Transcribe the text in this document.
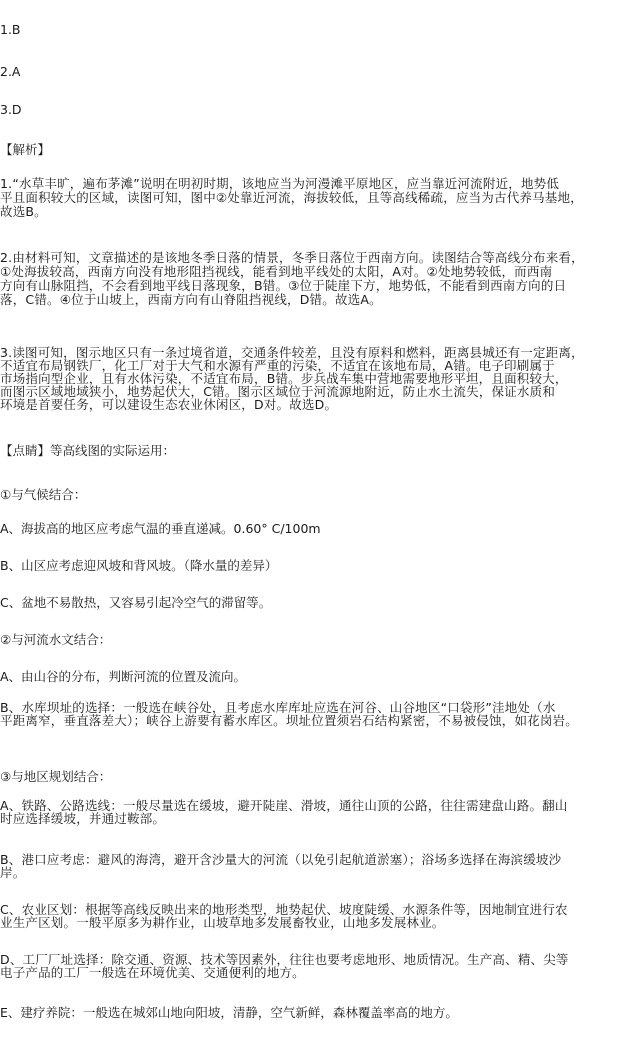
1.B
2.A
3.D
【解析】
1.“水草丰旷，遍布茅滩”说明在明初时期，该地应当为河漫滩平原地区，应当靠近河流附近，地势低
平且面积较大的区域，读图可知，图中②处靠近河流，海拔较低，且等高线稀疏，应当为古代养马基地，
故选B。
2.由材料可知，文章描述的是该地冬季日落的情景，冬季日落位于西南方向。读图结合等高线分布来看，
①处海拔较高，西南方向没有地形阻挡视线，能看到地平线处的太阳，A对。②处地势较低，而西南
方向有山脉阻挡，不会看到地平线日落现象，B错。③位于陡崖下方，地势低，不能看到西南方向的日
落，C错。④位于山坡上，西南方向有山脊阻挡视线，D错。故选A。
3.读图可知，图示地区只有一条过境省道，交通条件较差，且没有原料和燃料，距离县城还有一定距离，
不适宜布局钢铁厂，化工厂对于大气和水源有严重的污染，不适宜在该地布局，A错。电子印刷属于
市场指向型企业，且有水体污染，不适宜布局，B错。步兵战车集中营地需要地形平坦，且面积较大，
而图示区域地域狭小，地势起伏大，C错。图示区域位于河流源地附近，防止水土流失，保证水质和
环境是首要任务，可以建设生态农业休闲区，D对。故选D。
【点睛】等高线图的实际运用：
①与气候结合：
A、海拔高的地区应考虑气温的垂直递减。0.60° C/100m
B、山区应考虑迎风坡和背风坡。（降水量的差异）
C、盆地不易散热，又容易引起冷空气的滞留等。
②与河流水文结合：
A、由山谷的分布，判断河流的位置及流向。
B、水库坝址的选择：一般选在峡谷处，且考虑水库库址应选在河谷、山谷地区“口袋形”洼地处（水
平距离窄，垂直落差大）；峡谷上游要有蓄水库区。坝址位置须岩石结构紧密，不易被侵蚀，如花岗岩。
③与地区规划结合：
A、铁路、公路选线：一般尽量选在缓坡，避开陡崖、滑坡，通往山顶的公路，往往需建盘山路。翻山
时应选择缓坡，并通过鞍部。
B、港口应考虑：避风的海湾，避开含沙量大的河流（以免引起航道淤塞）；浴场多选择在海滨缓坡沙
岸。
C、农业区划：根据等高线反映出来的地形类型，地势起伏、坡度陡缓、水源条件等，因地制宜进行农
业生产区划。一般平原多为耕作业，山坡草地多发展畜牧业，山地多发展林业。
D、工厂厂址选择：除交通、资源、技术等因素外，往往也要考虑地形、地质情况。生产高、精、尖等
电子产品的工厂一般选在环境优美、交通便利的地方。
E、建疗养院：一般选在城郊山地向阳坡，清静，空气新鲜，森林覆盖率高的地方。
